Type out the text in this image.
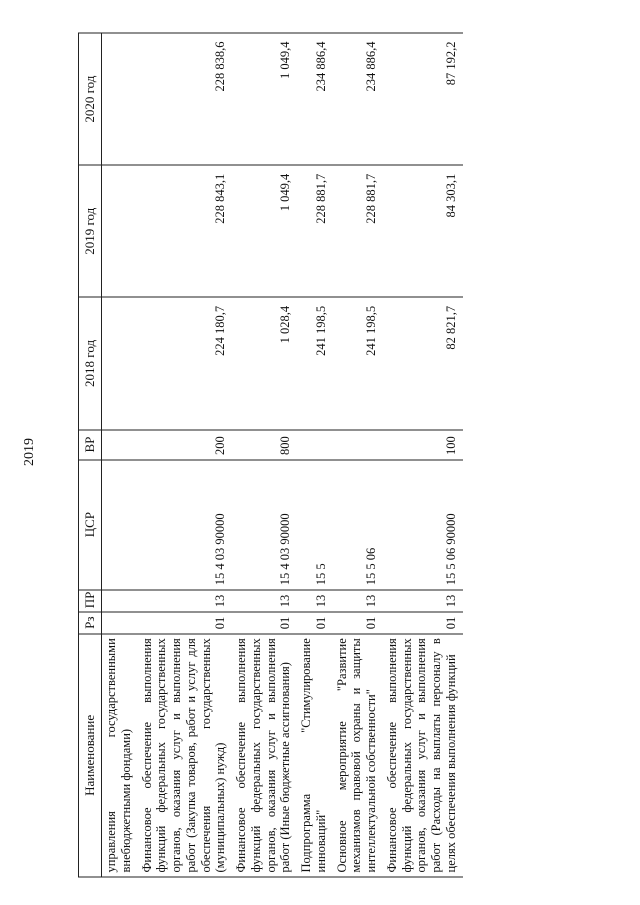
2019
Наименование	Рз	ПР	ЦСР	ВР	2018 год	2019 год	2020 год
управления государственными внебюджетными фондами)							
Финансовое обеспечение выполнения функций федеральных государственных органов, оказания услуг и выполнения работ (Закупка товаров, работ и услуг для обеспечения государственных (муниципальных) нужд)	01	13	15 4 03 90000	200	224 180,7	228 843,1	228 838,6
Финансовое обеспечение выполнения функций федеральных государственных органов, оказания услуг и выполнения работ (Иные бюджетные ассигнования)	01	13	15 4 03 90000	800	1 028,4	1 049,4	1 049,4
Подпрограмма "Стимулирование инноваций"	01	13	15 5		241 198,5	228 881,7	234 886,4
Основное мероприятие "Развитие механизмов правовой охраны и защиты интеллектуальной собственности"	01	13	15 5 06		241 198,5	228 881,7	234 886,4
Финансовое обеспечение выполнения функций федеральных государственных органов, оказания услуг и выполнения работ (Расходы на выплаты персоналу в целях обеспечения выполнения функций	01	13	15 5 06 90000	100	82 821,7	84 303,1	87 192,2
